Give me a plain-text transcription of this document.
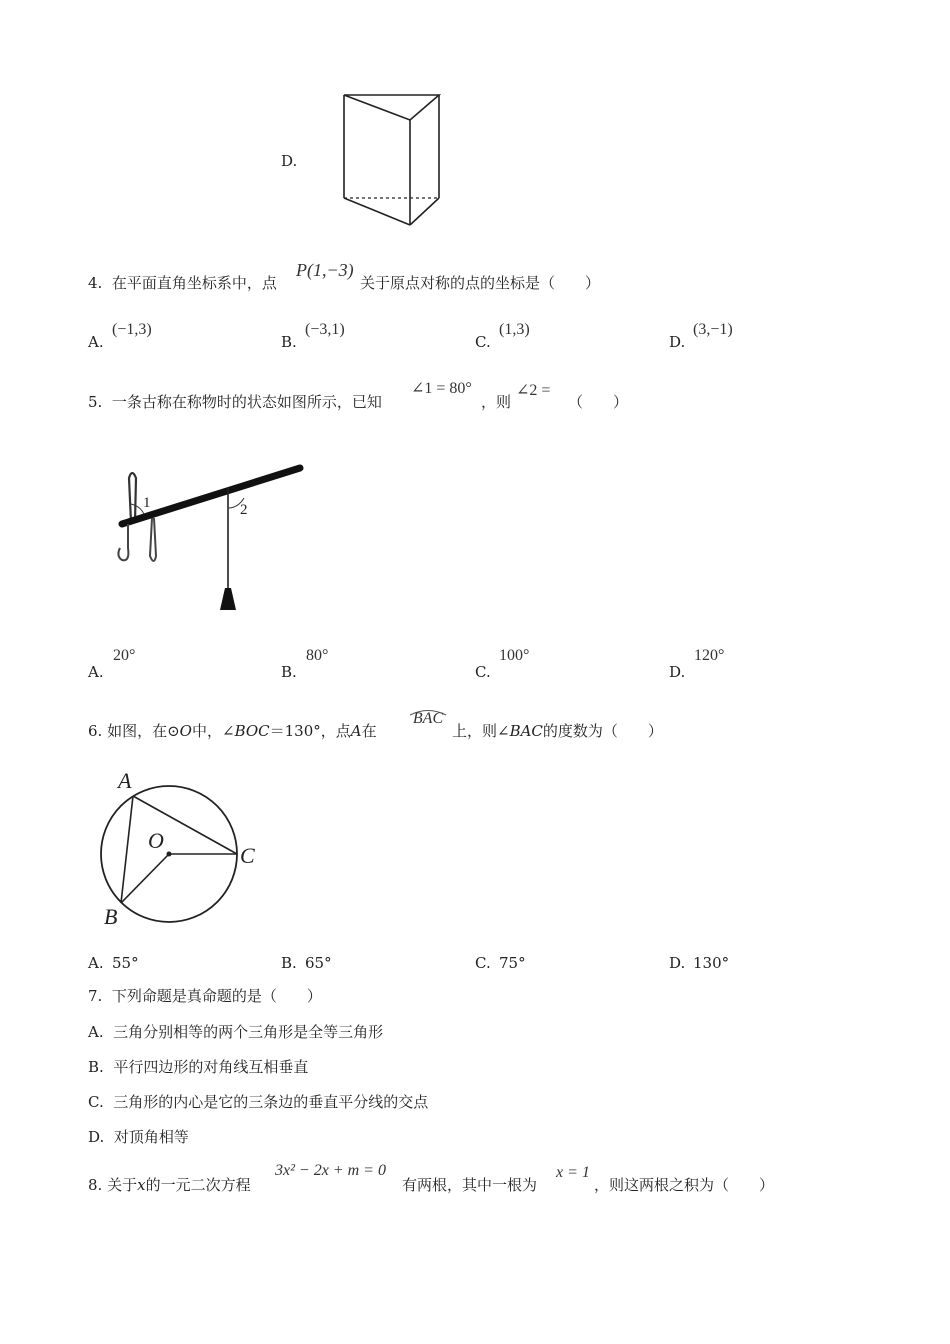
D.
4. 在平面直角坐标系中，点
P(1,−3)
关于原点对称的点的坐标是（　　）
A.
(−1,3)
B.
(−3,1)
C.
(1,3)
D.
(3,−1)
5. 一条古称在称物时的状态如图所示，已知
∠1 = 80°
，则
∠2 =
（　　）
1	2
A.
20°
B.
80°
C.
100°
D.
120°
6. 如图，在⊙O中，∠BOC＝130°，点A在
BAC
上，则∠BAC的度数为（　　）
A
O
C
B
A. 55°	B. 65°	C. 75°	D. 130°
7. 下列命题是真命题的是（　　）
A. 三角分别相等的两个三角形是全等三角形
B. 平行四边形的对角线互相垂直
C. 三角形的内心是它的三条边的垂直平分线的交点
D. 对顶角相等
8. 关于x的一元二次方程
3x² − 2x + m = 0
有两根，其中一根为
x = 1
，则这两根之积为（　　）
